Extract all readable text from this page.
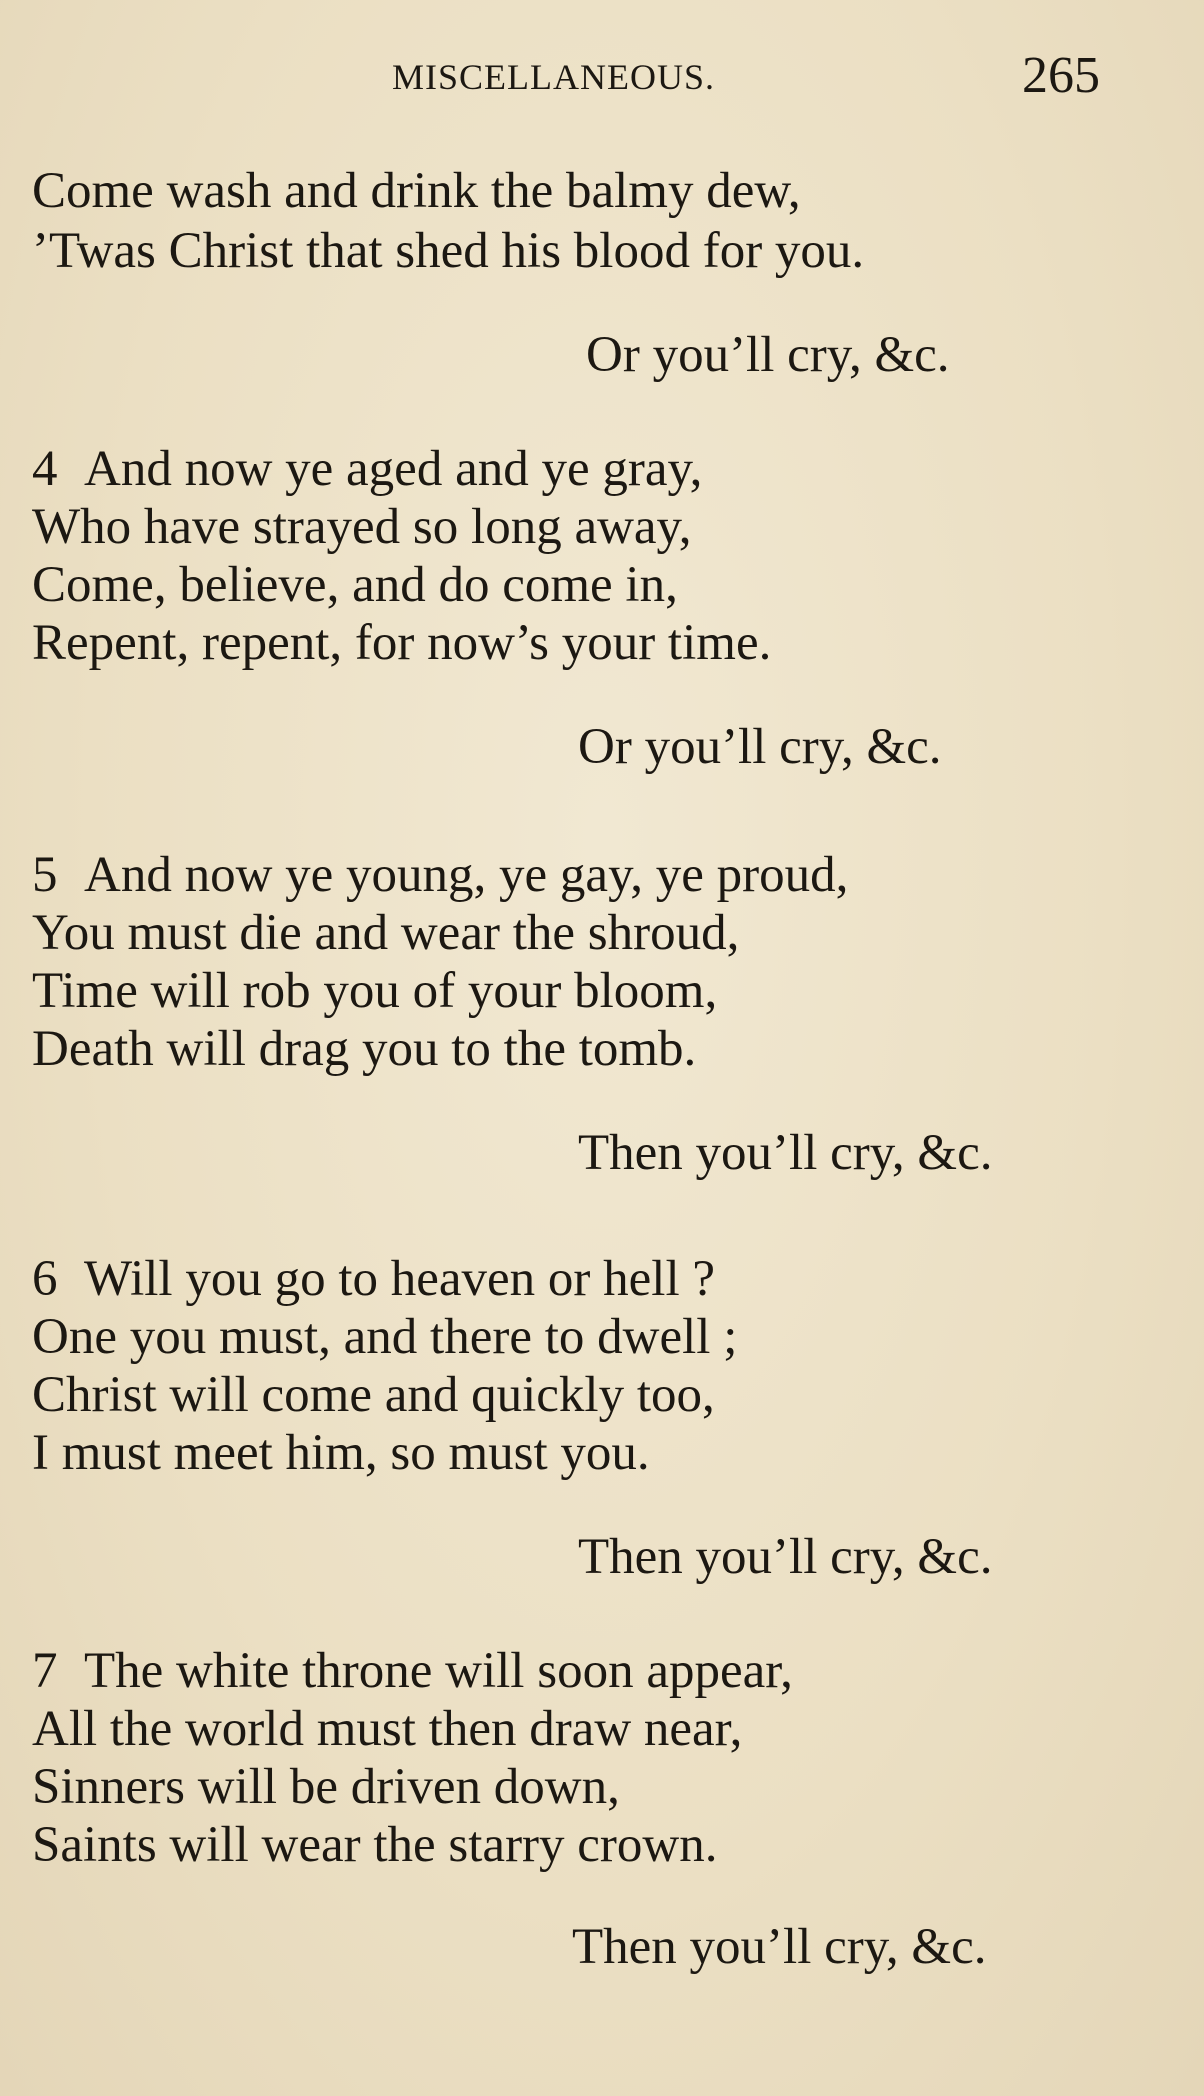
MISCELLANEOUS.	265
Come wash and drink the balmy dew,
’Twas Christ that shed his blood for you.
Or you’ll cry, &c.
4 And now ye aged and ye gray,
Who have strayed so long away,
Come, believe, and do come in,
Repent, repent, for now’s your time.
Or you’ll cry, &c.
5 And now ye young, ye gay, ye proud,
You must die and wear the shroud,
Time will rob you of your bloom,
Death will drag you to the tomb.
Then you’ll cry, &c.
6 Will you go to heaven or hell ?
One you must, and there to dwell ;
Christ will come and quickly too,
I must meet him, so must you.
Then you’ll cry, &c.
7 The white throne will soon appear,
All the world must then draw near,
Sinners will be driven down,
Saints will wear the starry crown.
Then you’ll cry, &c.
